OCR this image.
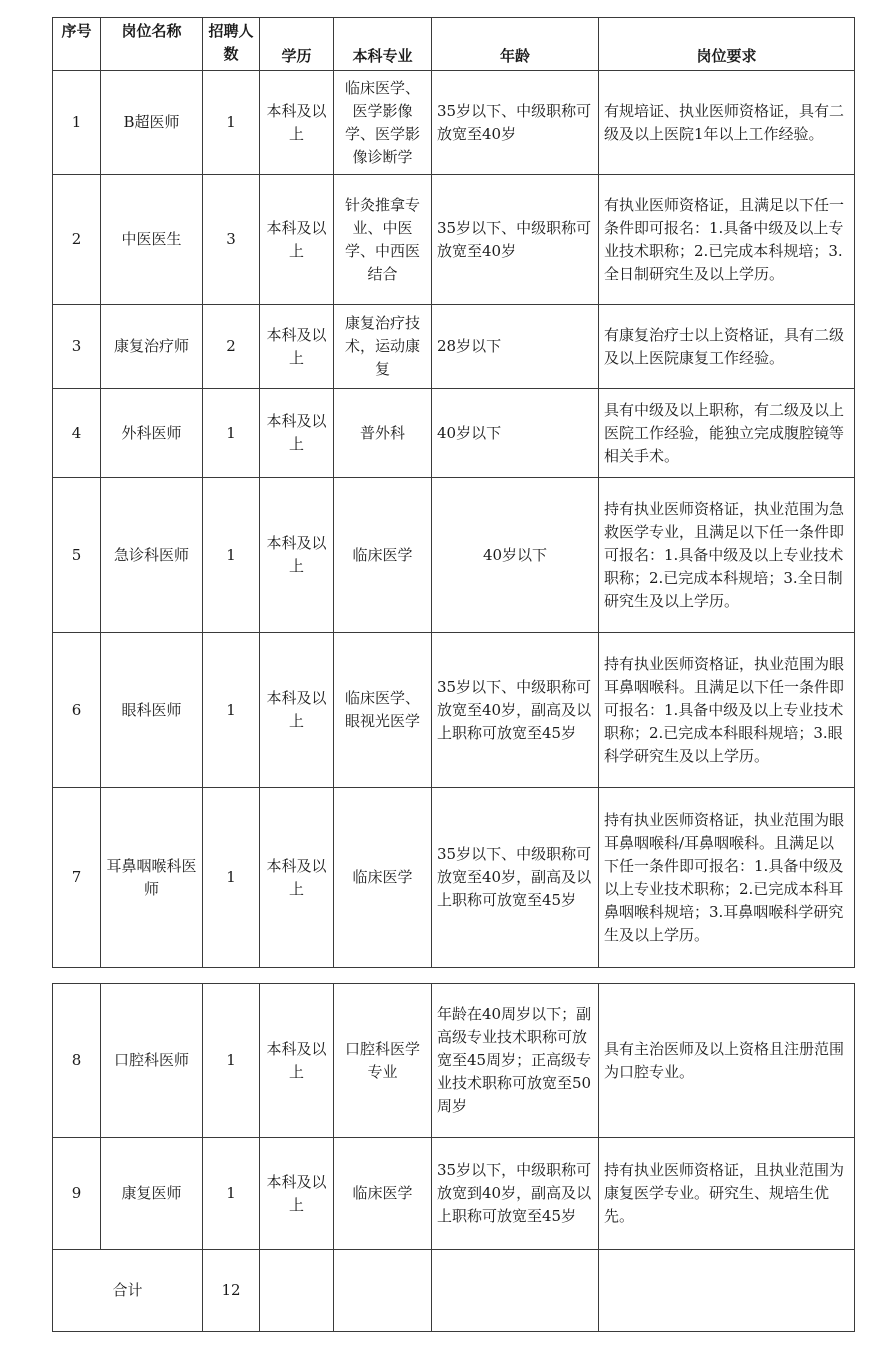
序号	岗位名称	招聘人数	学历	本科专业	年龄	岗位要求
1	B超医师	1	本科及以上	临床医学、医学影像学、医学影像诊断学	35岁以下、中级职称可放宽至40岁	有规培证、执业医师资格证，具有二级及以上医院1年以上工作经验。
2	中医医生	3	本科及以上	针灸推拿专业、中医学、中西医结合	35岁以下、中级职称可放宽至40岁	有执业医师资格证，且满足以下任一条件即可报名：1.具备中级及以上专业技术职称；2.已完成本科规培；3.全日制研究生及以上学历。
3	康复治疗师	2	本科及以上	康复治疗技术，运动康复	28岁以下	有康复治疗士以上资格证，具有二级及以上医院康复工作经验。
4	外科医师	1	本科及以上	普外科	40岁以下	具有中级及以上职称，有二级及以上医院工作经验，能独立完成腹腔镜等相关手术。
5	急诊科医师	1	本科及以上	临床医学	40岁以下	持有执业医师资格证，执业范围为急救医学专业，且满足以下任一条件即可报名：1.具备中级及以上专业技术职称；2.已完成本科规培；3.全日制研究生及以上学历。
6	眼科医师	1	本科及以上	临床医学、眼视光医学	35岁以下、中级职称可放宽至40岁，副高及以上职称可放宽至45岁	持有执业医师资格证，执业范围为眼耳鼻咽喉科。且满足以下任一条件即可报名：1.具备中级及以上专业技术职称；2.已完成本科眼科规培；3.眼科学研究生及以上学历。
7	耳鼻咽喉科医师	1	本科及以上	临床医学	35岁以下、中级职称可放宽至40岁，副高及以上职称可放宽至45岁	持有执业医师资格证，执业范围为眼耳鼻咽喉科/耳鼻咽喉科。且满足以下任一条件即可报名：1.具备中级及以上专业技术职称；2.已完成本科耳鼻咽喉科规培；3.耳鼻咽喉科学研究生及以上学历。
8	口腔科医师	1	本科及以上	口腔科医学专业	年龄在40周岁以下；副高级专业技术职称可放宽至45周岁；正高级专业技术职称可放宽至50周岁	具有主治医师及以上资格且注册范围为口腔专业。
9	康复医师	1	本科及以上	临床医学	35岁以下，中级职称可放宽到40岁，副高及以上职称可放宽至45岁	持有执业医师资格证，且执业范围为康复医学专业。研究生、规培生优先。
合计		12				
